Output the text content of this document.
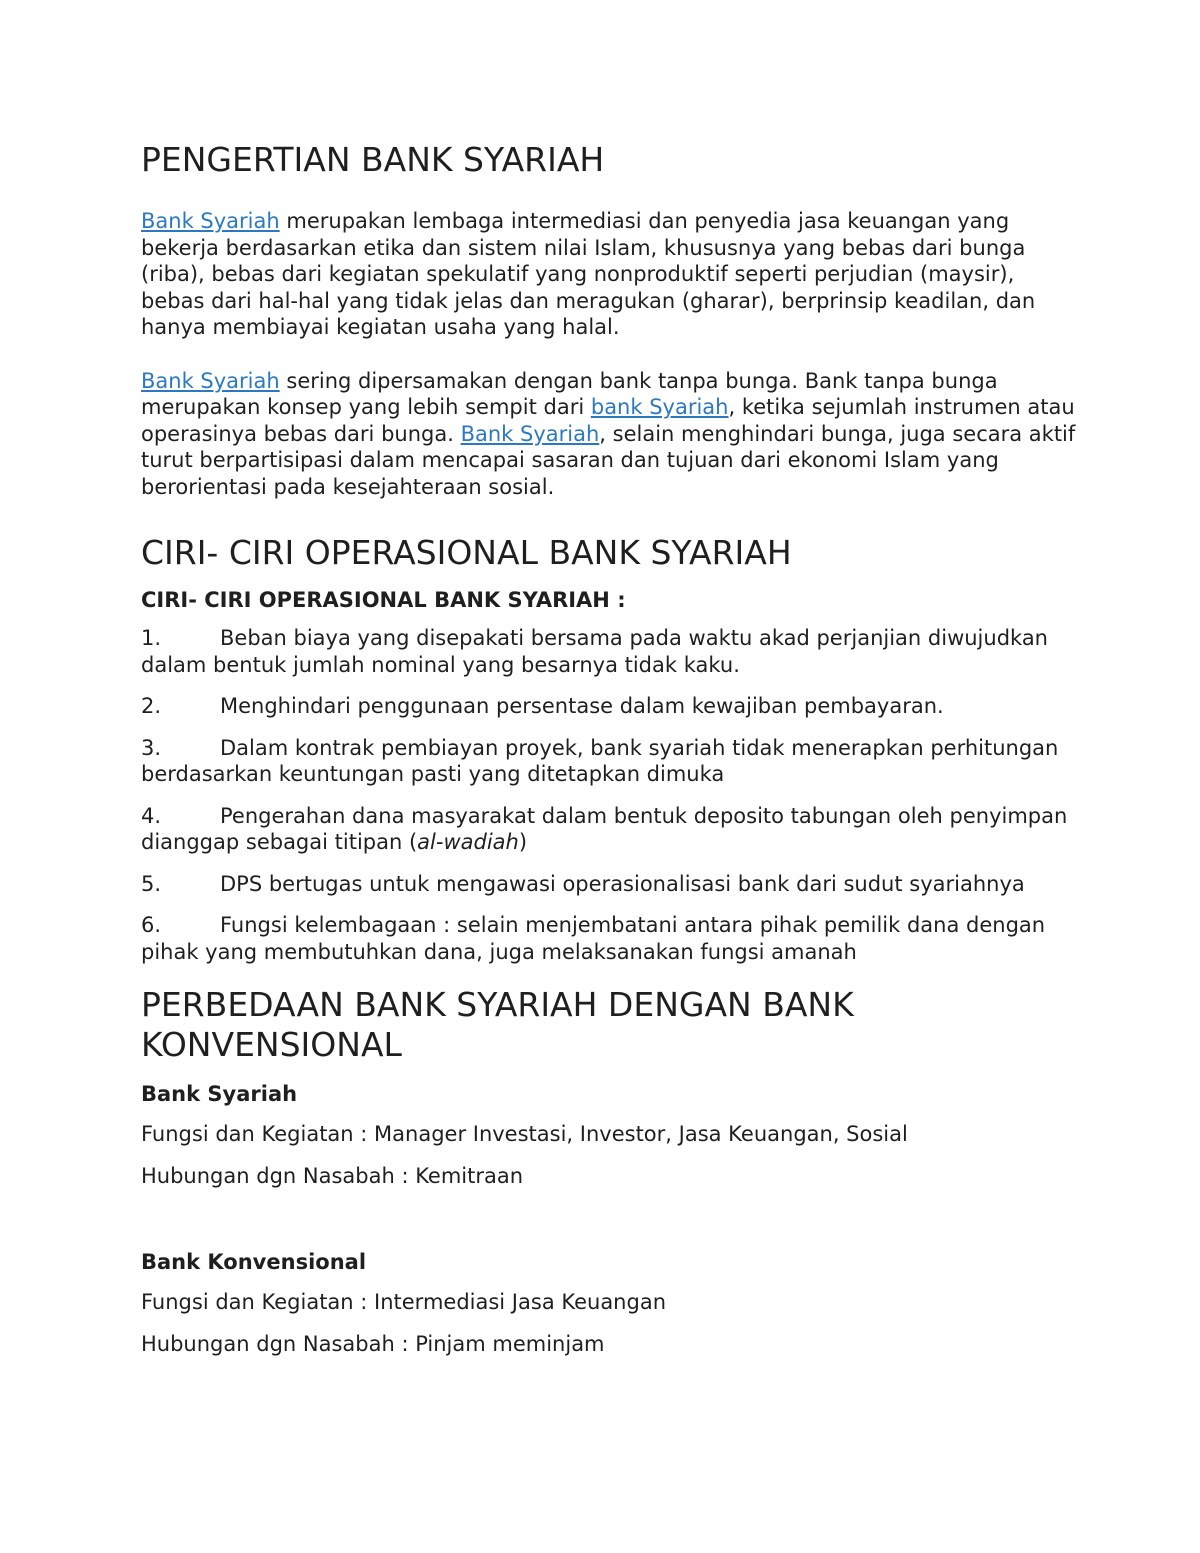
PENGERTIAN BANK SYARIAH

Bank Syariah merupakan lembaga intermediasi dan penyedia jasa keuangan yang bekerja berdasarkan etika dan sistem nilai Islam, khususnya yang bebas dari bunga (riba), bebas dari kegiatan spekulatif yang nonproduktif seperti perjudian (maysir), bebas dari hal-hal yang tidak jelas dan meragukan (gharar), berprinsip keadilan, dan hanya membiayai kegiatan usaha yang halal.

Bank Syariah sering dipersamakan dengan bank tanpa bunga. Bank tanpa bunga merupakan konsep yang lebih sempit dari bank Syariah, ketika sejumlah instrumen atau operasinya bebas dari bunga. Bank Syariah, selain menghindari bunga, juga secara aktif turut berpartisipasi dalam mencapai sasaran dan tujuan dari ekonomi Islam yang berorientasi pada kesejahteraan sosial.

CIRI- CIRI OPERASIONAL BANK SYARIAH
CIRI- CIRI OPERASIONAL BANK SYARIAH :
1.	Beban biaya yang disepakati bersama pada waktu akad perjanjian diwujudkan dalam bentuk jumlah nominal yang besarnya tidak kaku.
2.	Menghindari penggunaan persentase dalam kewajiban pembayaran.
3.	Dalam kontrak pembiayan proyek, bank syariah tidak menerapkan perhitungan berdasarkan keuntungan pasti yang ditetapkan dimuka
4.	Pengerahan dana masyarakat dalam bentuk deposito tabungan oleh penyimpan dianggap sebagai titipan (al-wadiah)
5.	DPS bertugas untuk mengawasi operasionalisasi bank dari sudut syariahnya
6.	Fungsi kelembagaan : selain menjembatani antara pihak pemilik dana dengan pihak yang membutuhkan dana, juga melaksanakan fungsi amanah
PERBEDAAN BANK SYARIAH DENGAN BANK KONVENSIONAL
Bank Syariah
Fungsi dan Kegiatan : Manager Investasi, Investor, Jasa Keuangan, Sosial
Hubungan dgn Nasabah : Kemitraan
Bank Konvensional
Fungsi dan Kegiatan : Intermediasi Jasa Keuangan
Hubungan dgn Nasabah : Pinjam meminjam
